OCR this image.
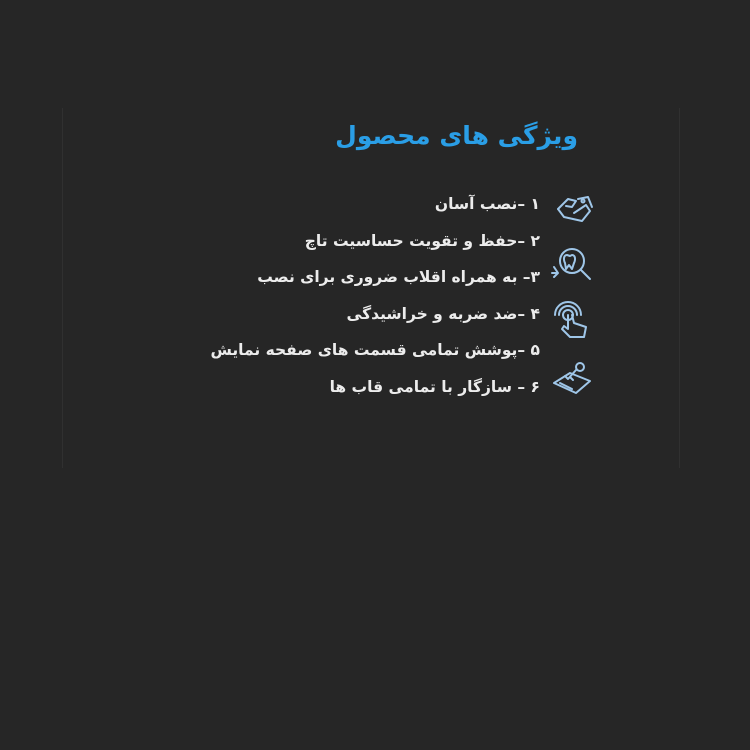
ویژگی های محصول
۱ –نصب آسان
۲ –حفظ و تقویت حساسیت تاچ
۳– به همراه اقلاب ضروری برای نصب
۴ –ضد ضربه و خراشیدگی
۵ –پوشش تمامی قسمت های صفحه نمایش
۶ – سازگار با تمامی قاب ها
